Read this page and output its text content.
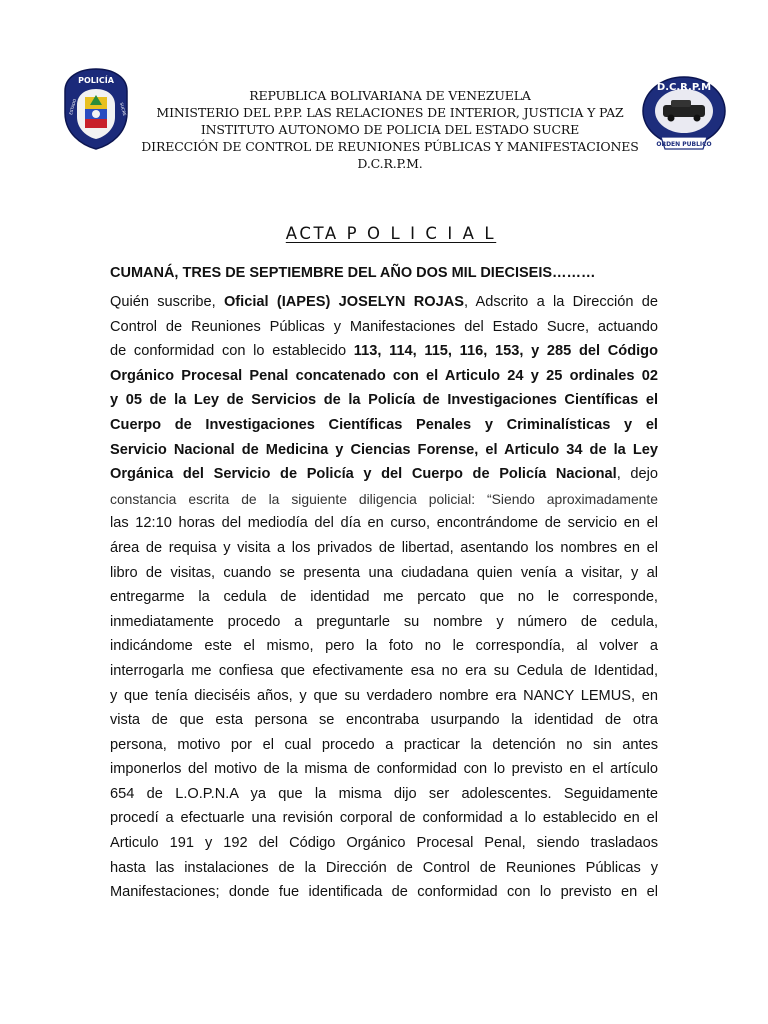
POLICÍA
ESTADO	SUCRE
D.C.R.P.M
ORDEN PUBLICO
REPUBLICA BOLIVARIANA DE VENEZUELA
MINISTERIO DEL P.P.P. LAS RELACIONES DE INTERIOR, JUSTICIA Y PAZ
INSTITUTO AUTONOMO DE POLICIA DEL ESTADO SUCRE
DIRECCIÓN DE CONTROL DE REUNIONES PÚBLICAS Y MANIFESTACIONES
D.C.R.P.M.
ACTA P O L I C I A L
CUMANÁ, TRES DE SEPTIEMBRE DEL AÑO DOS MIL DIECISEIS………
Quién suscribe, Oficial (IAPES) JOSELYN ROJAS, Adscrito a la Dirección de
Control de Reuniones Públicas y Manifestaciones del Estado Sucre, actuando
de conformidad con lo establecido 113, 114, 115, 116, 153, y 285 del Código
Orgánico Procesal Penal concatenado con el Articulo 24 y 25 ordinales 02
y 05 de la Ley de Servicios de la Policía de Investigaciones Científicas el
Cuerpo de Investigaciones Científicas Penales y Criminalísticas y el
Servicio Nacional de Medicina y Ciencias Forense, el Articulo 34 de la Ley
Orgánica del Servicio de Policía y del Cuerpo de Policía Nacional, dejo
constancia escrita de la siguiente diligencia policial: “Siendo aproximadamente
las 12:10 horas del mediodía del día en curso, encontrándome de servicio en el
área de requisa y visita a los privados de libertad, asentando los nombres en el
libro de visitas, cuando se presenta una ciudadana quien venía a visitar, y al
entregarme la cedula de identidad me percato que no le corresponde,
inmediatamente procedo a preguntarle su nombre y número de cedula,
indicándome este el mismo, pero la foto no le correspondía, al volver a
interrogarla me confiesa que efectivamente esa no era su Cedula de Identidad,
y que tenía dieciséis años, y que su verdadero nombre era NANCY LEMUS, en
vista de que esta persona se encontraba usurpando la identidad de otra
persona, motivo por el cual procedo a practicar la detención no sin antes
imponerlos del motivo de la misma de conformidad con lo previsto en el artículo
654 de L.O.P.N.A ya que la misma dijo ser adolescentes. Seguidamente
procedí a efectuarle una revisión corporal de conformidad a lo establecido en el
Articulo 191 y 192 del Código Orgánico Procesal Penal, siendo trasladaos
hasta las instalaciones de la Dirección de Control de Reuniones Públicas y
Manifestaciones; donde fue identificada de conformidad con lo previsto en el
